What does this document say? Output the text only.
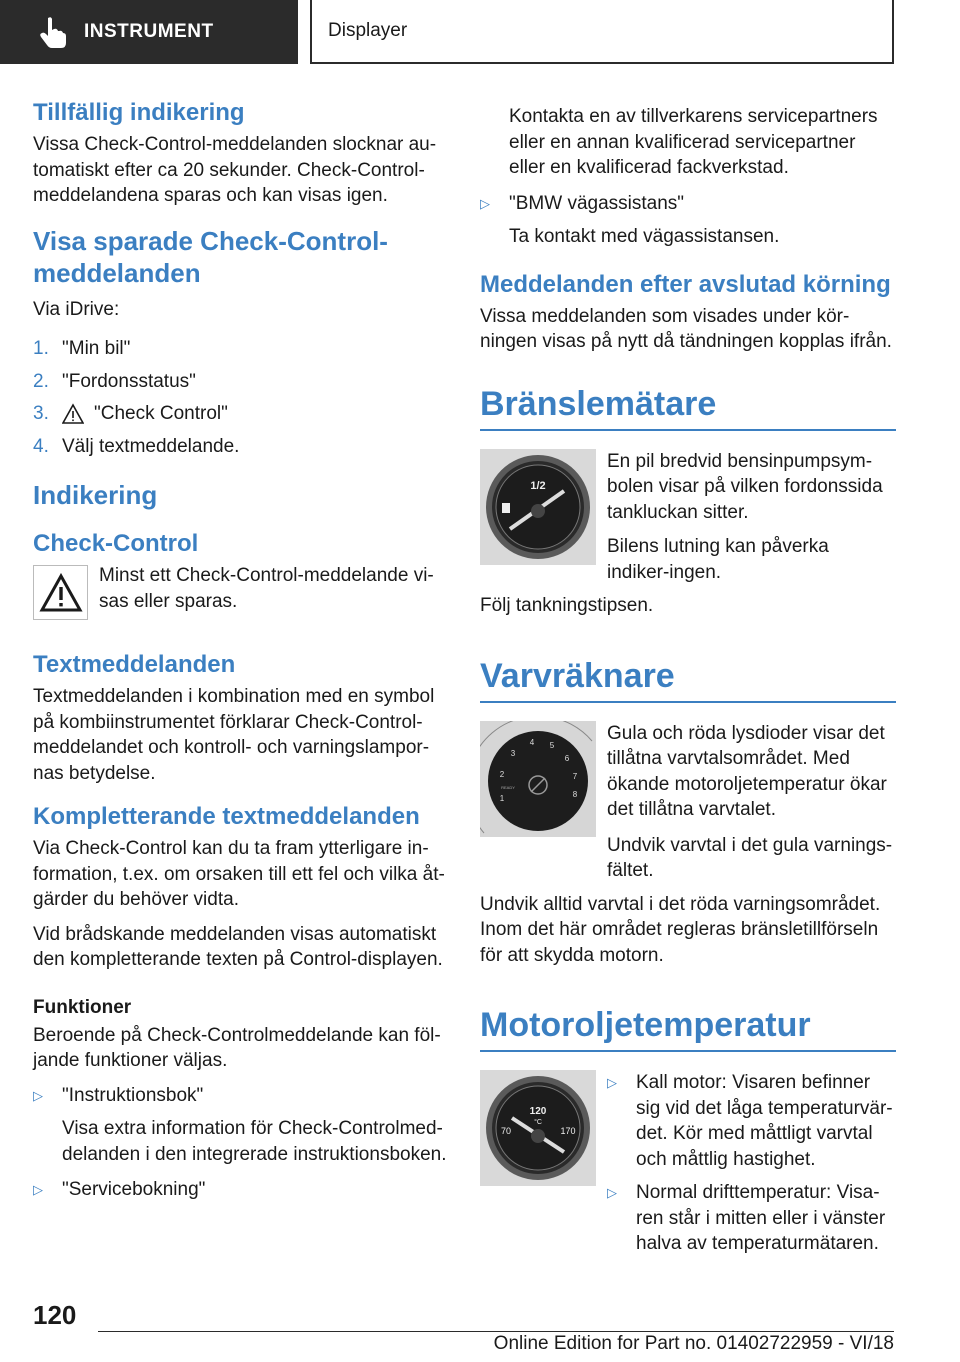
INSTRUMENT	Displayer
Tillfällig indikering

Vissa Check-Control-meddelanden slocknar au-tomatiskt efter ca 20 sekunder. Check-Control-meddelandena sparas och kan visas igen.

Visa sparade Check-Control-meddelanden

Via iDrive:

1. "Min bil"

2. "Fordonsstatus"

3.	"Check Control"

4. Välj textmeddelande.

Indikering
Check-Control

Minst ett Check-Control-meddelande vi-sas eller sparas.

Textmeddelanden

Textmeddelanden i kombination med en symbol på kombiinstrumentet förklarar Check-Control-meddelandet och kontroll- och varningslampor-nas betydelse.

Kompletterande textmeddelanden

Via Check-Control kan du ta fram ytterligare in-formation, t.ex. om orsaken till ett fel och vilka åt-gärder du behöver vidta.

Vid brådskande meddelanden visas automatiskt den kompletterande texten på Control-displayen.

Funktioner

Beroende på Check-Controlmeddelande kan föl-jande funktioner väljas.

▷	"Instruktionsbok"

Visa extra information för Check-Controlmed-delanden i den integrerade instruktionsboken.

▷	"Servicebokning"

Kontakta en av tillverkarens servicepartners eller en annan kvalificerad servicepartner eller en kvalificerad fackverkstad.

▷	"BMW vägassistans"

Ta kontakt med vägassistansen.

Meddelanden efter avslutad körning

Vissa meddelanden som visades under kör-ningen visas på nytt då tändningen kopplas ifrån.

Bränslemätare
1/2

En pil bredvid bensinpumpsym-bolen visar på vilken fordonssida tankluckan sitter.

Bilens lutning kan påverka indiker-ingen.

Följ tankningstipsen.

Varvräknare
1
2
3
4 5
6
7
8
READY

Gula och röda lysdioder visar det tillåtna varvtalsområdet. Med ökande motoroljetemperatur ökar det tillåtna varvtalet.

Undvik varvtal i det gula varnings-fältet.

Undvik alltid varvtal i det röda varningsområdet. Inom det här området regleras bränsletillförseln för att skydda motorn.

Motoroljetemperatur
120
°C
70	170
▷	Kall motor: Visaren befinner sig vid det låga temperaturvär-det. Kör med måttligt varvtal och måttlig hastighet.

▷	Normal drifttemperatur: Visa-ren står i mitten eller i vänster halva av temperaturmätaren.

120
Online Edition for Part no. 01402722959 - VI/18
